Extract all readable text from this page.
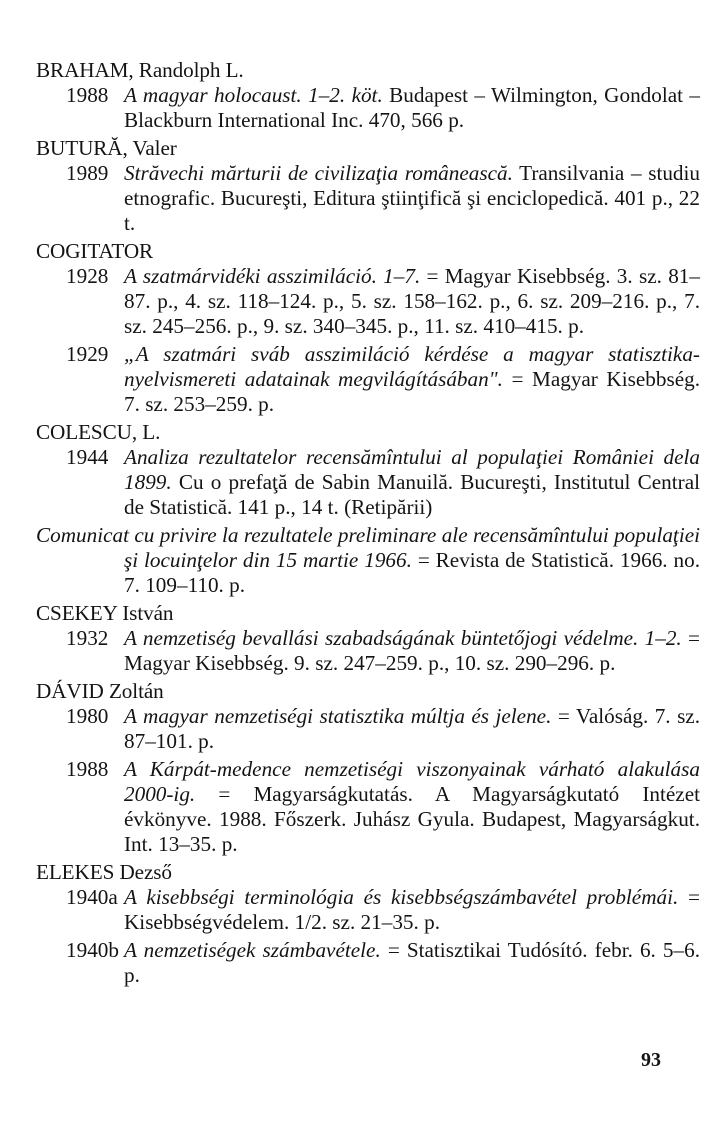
BRAHAM, Randolph L.
1988 A magyar holocaust. 1–2. köt. Budapest – Wilmington, Gondolat – Blackburn International Inc. 470, 566 p.
BUTURĂ, Valer
1989 Străvechi mărturii de civilizaţia românească. Transilvania – studiu etnografic. Bucureşti, Editura ştiinţifică şi enciclopedică. 401 p., 22 t.
COGITATOR
1928 A szatmárvidéki asszimiláció. 1–7. = Magyar Kisebbség. 3. sz. 81–87. p., 4. sz. 118–124. p., 5. sz. 158–162. p., 6. sz. 209–216. p., 7. sz. 245–256. p., 9. sz. 340–345. p., 11. sz. 410–415. p.
1929 „A szatmári sváb asszimiláció kérdése a magyar statisztika-nyelvismereti adatainak megvilágításában". = Magyar Kisebbség. 7. sz. 253–259. p.
COLESCU, L.
1944 Analiza rezultatelor recensămîntului al populaţiei României dela 1899. Cu o prefaţă de Sabin Manuilă. Bucureşti, Institutul Central de Statistică. 141 p., 14 t. (Retipării)
Comunicat cu privire la rezultatele preliminare ale recensămîntului populaţiei şi locuinţelor din 15 martie 1966. = Revista de Statistică. 1966. no. 7. 109–110. p.
CSEKEY István
1932 A nemzetiség bevallási szabadságának büntetőjogi védelme. 1–2. = Magyar Kisebbség. 9. sz. 247–259. p., 10. sz. 290–296. p.
DÁVID Zoltán
1980 A magyar nemzetiségi statisztika múltja és jelene. = Valóság. 7. sz. 87–101. p.
1988 A Kárpát-medence nemzetiségi viszonyainak várható alakulása 2000-ig. = Magyarságkutatás. A Magyarságkutató Intézet évkönyve. 1988. Főszerk. Juhász Gyula. Budapest, Magyarságkut. Int. 13–35. p.
ELEKES Dezső
1940a A kisebbségi terminológia és kisebbségszámbavétel problémái. = Kisebbségvédelem. 1/2. sz. 21–35. p.
1940b A nemzetiségek számbavétele. = Statisztikai Tudósító. febr. 6. 5–6. p.
93
